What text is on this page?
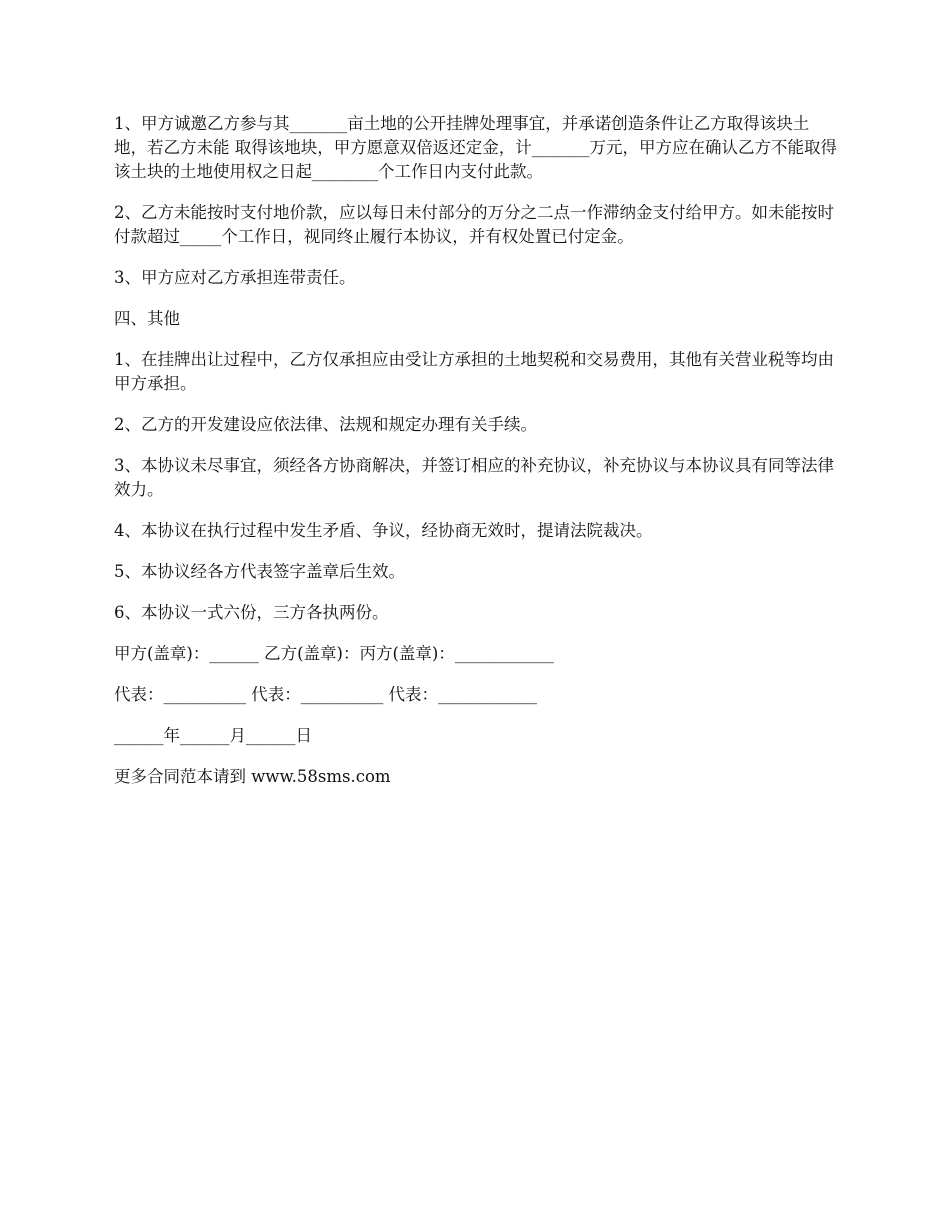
1、甲方诚邀乙方参与其_______亩土地的公开挂牌处理事宜，并承诺创造条件让乙方取得该块土地，若乙方未能 取得该地块，甲方愿意双倍返还定金，计_______万元，甲方应在确认乙方不能取得该土块的土地使用权之日起________个工作日内支付此款。

2、乙方未能按时支付地价款，应以每日未付部分的万分之二点一作滞纳金支付给甲方。如未能按时付款超过_____个工作日，视同终止履行本协议，并有权处置已付定金。

3、甲方应对乙方承担连带责任。

四、其他

1、在挂牌出让过程中，乙方仅承担应由受让方承担的土地契税和交易费用，其他有关营业税等均由甲方承担。

2、乙方的开发建设应依法律、法规和规定办理有关手续。

3、本协议未尽事宜，须经各方协商解决，并签订相应的补充协议，补充协议与本协议具有同等法律效力。

4、本协议在执行过程中发生矛盾、争议，经协商无效时，提请法院裁决。

5、本协议经各方代表签字盖章后生效。

6、本协议一式六份，三方各执两份。

甲方(盖章)：______ 乙方(盖章)：丙方(盖章)：____________

代表：__________ 代表：__________ 代表：____________

______年______月______日

更多合同范本请到 www.58sms.com
